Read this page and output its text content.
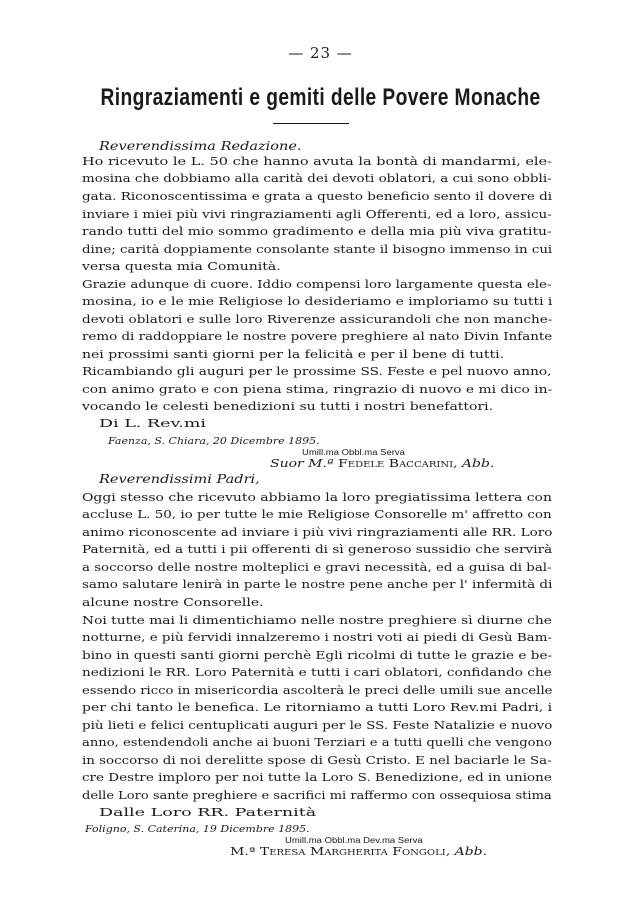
— 23 —
Ringraziamenti e gemiti delle Povere Monache
Reverendissima Redazione.
Ho ricevuto le L. 50 che hanno avuta la bontà di mandarmi, ele-
mosina che dobbiamo alla carità dei devoti oblatori, a cui sono obbli-
gata. Riconoscentissima e grata a questo beneficio sento il dovere di
inviare i miei più vivi ringraziamenti agli Offerenti, ed a loro, assicu-
rando tutti del mio sommo gradimento e della mia più viva gratitu-
dine; carità doppiamente consolante stante il bisogno immenso in cui
versa questa mia Comunità.
Grazie adunque di cuore. Iddio compensi loro largamente questa ele-
mosina, io e le mie Religiose lo desideriamo e imploriamo su tutti i
devoti oblatori e sulle loro Riverenze assicurandoli che non manche-
remo di raddoppiare le nostre povere preghiere al nato Divin Infante
nei prossimi santi giorni per la felicità e per il bene di tutti.
Ricambiando gli auguri per le prossime SS. Feste e pel nuovo anno,
con animo grato e con piena stima, ringrazio di nuovo e mi dico in-
vocando le celesti benedizioni su tutti i nostri benefattori.
Di L. Rev.mi
Faenza, S. Chiara, 20 Dicembre 1895.
Umill.ma Obbl.ma Serva
Suor M.ª Fedele Baccarini, Abb.
Reverendissimi Padri,
Oggi stesso che ricevuto abbiamo la loro pregiatissima lettera con
accluse L. 50, io per tutte le mie Religiose Consorelle m' affretto con
animo riconoscente ad inviare i più vivi ringraziamenti alle RR. Loro
Paternità, ed a tutti i pii offerenti di sì generoso sussidio che servirà
a soccorso delle nostre molteplici e gravi necessità, ed a guisa di bal-
samo salutare lenirà in parte le nostre pene anche per l' infermità di
alcune nostre Consorelle.
Noi tutte mai li dimentichiamo nelle nostre preghiere sì diurne che
notturne, e più fervidi innalzeremo i nostri voti ai piedi di Gesù Bam-
bino in questi santi giorni perchè Egli ricolmi di tutte le grazie e be-
nedizioni le RR. Loro Paternità e tutti i cari oblatori, confidando che
essendo ricco in misericordia ascolterà le preci delle umili sue ancelle
per chi tanto le benefica. Le ritorniamo a tutti Loro Rev.mi Padri, i
più lieti e felici centuplicati auguri per le SS. Feste Natalizie e nuovo
anno, estendendoli anche ai buoni Terziari e a tutti quelli che vengono
in soccorso di noi derelitte spose di Gesù Cristo. E nel baciarle le Sa-
cre Destre imploro per noi tutte la Loro S. Benedizione, ed in unione
delle Loro sante preghiere e sacrifici mi raffermo con ossequiosa stima
Dalle Loro RR. Paternità
Foligno, S. Caterina, 19 Dicembre 1895.
Umill.ma Obbl.ma Dev.ma Serva
M.ª Teresa Margherita Fongoli, Abb.
